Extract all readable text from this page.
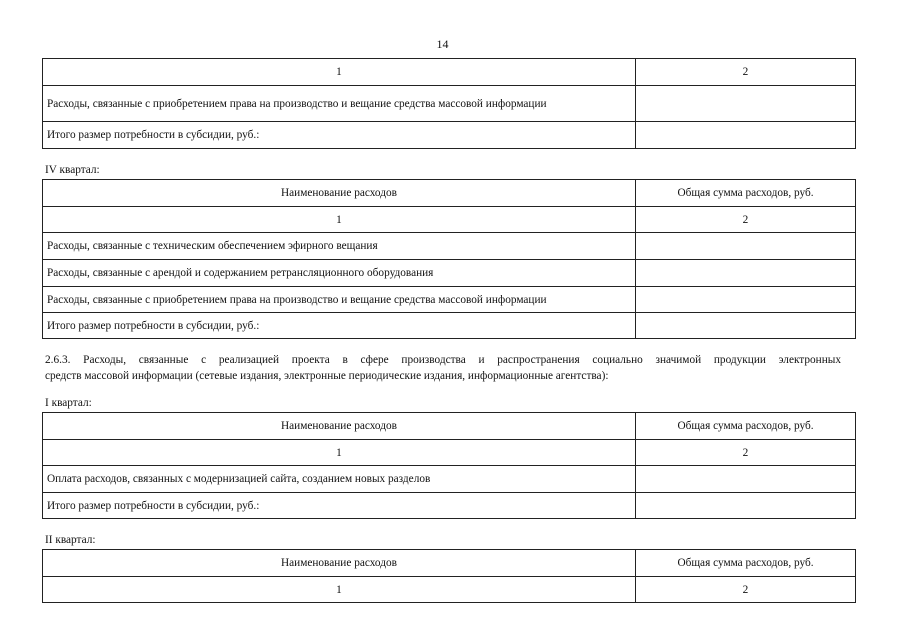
14
1	2
Расходы, связанные с приобретением права на производство и вещание средства массовой информации	
Итого размер потребности в субсидии, руб.:	
IV квартал:
Наименование расходов	Общая сумма расходов, руб.
1	2
Расходы, связанные с техническим обеспечением эфирного вещания	
Расходы, связанные с арендой и содержанием ретрансляционного оборудования	
Расходы, связанные с приобретением права на производство и вещание средства массовой информации	
Итого размер потребности в субсидии, руб.:	
2.6.3. Расходы, связанные с реализацией проекта в сфере производства и распространения социально значимой продукции электронных
средств массовой информации (сетевые издания, электронные периодические издания, информационные агентства):
I квартал:
Наименование расходов	Общая сумма расходов, руб.
1	2
Оплата расходов, связанных с модернизацией сайта, созданием новых разделов	
Итого размер потребности в субсидии, руб.:	
II квартал:
Наименование расходов	Общая сумма расходов, руб.
1	2
